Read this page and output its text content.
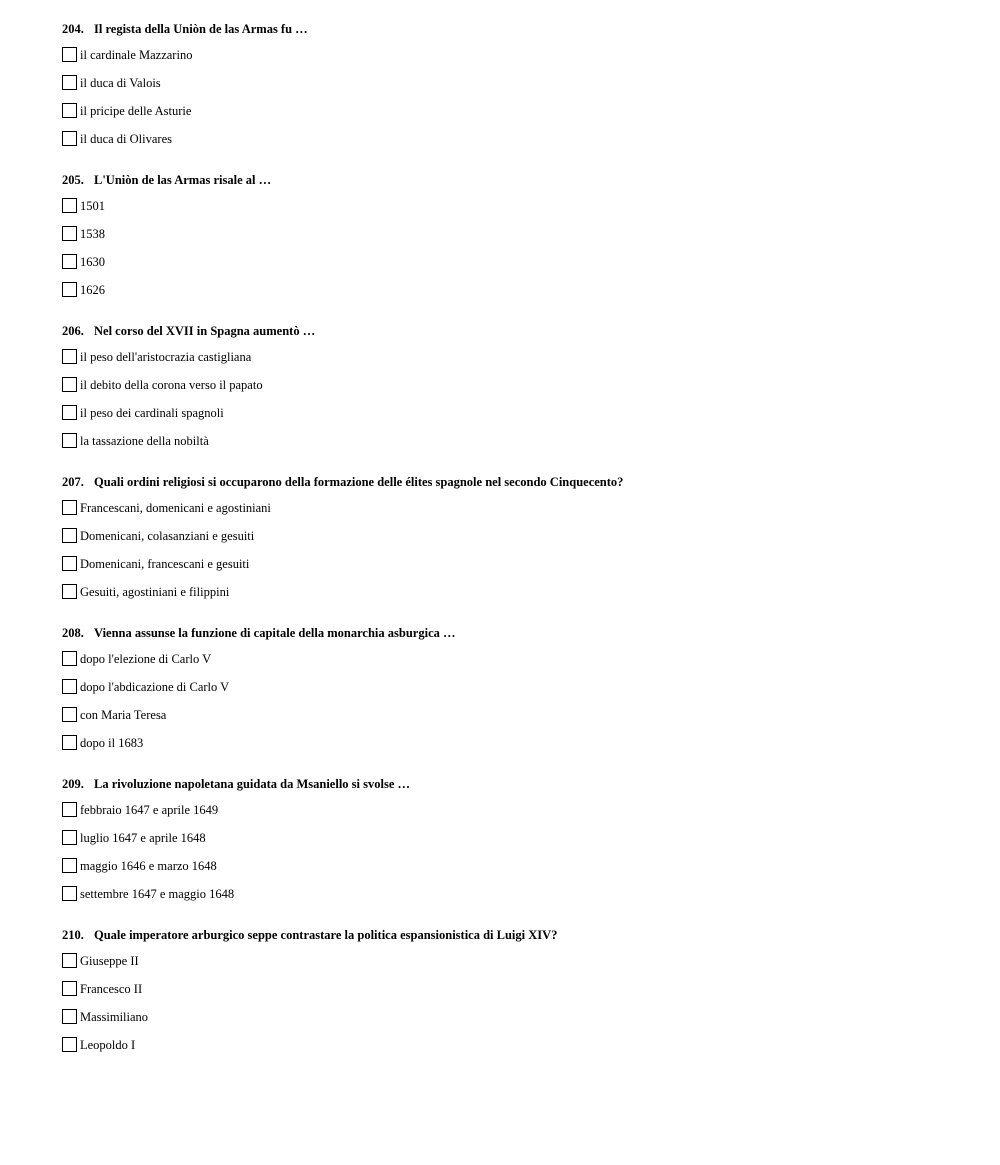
204. Il regista della Uniòn de las Armas fu …
il cardinale Mazzarino
il duca di Valois
il pricipe delle Asturie
il duca di Olivares
205. L'Uniòn de las Armas risale al …
1501
1538
1630
1626
206. Nel corso del XVII in Spagna aumentò …
il peso dell'aristocrazia castigliana
il debito della corona verso il papato
il peso dei cardinali spagnoli
la tassazione della nobiltà
207. Quali ordini religiosi si occuparono della formazione delle élites spagnole nel secondo Cinquecento?
Francescani, domenicani e agostiniani
Domenicani, colasanziani e gesuiti
Domenicani, francescani e gesuiti
Gesuiti, agostiniani e filippini
208. Vienna assunse la funzione di capitale della monarchia asburgica …
dopo l'elezione di Carlo V
dopo l'abdicazione di Carlo V
con Maria Teresa
dopo il 1683
209. La rivoluzione napoletana guidata da Msaniello si svolse …
febbraio 1647 e aprile 1649
luglio 1647 e aprile 1648
maggio 1646 e marzo 1648
settembre 1647 e maggio 1648
210. Quale imperatore arburgico seppe contrastare la politica espansionistica di Luigi XIV?
Giuseppe II
Francesco II
Massimiliano
Leopoldo I
